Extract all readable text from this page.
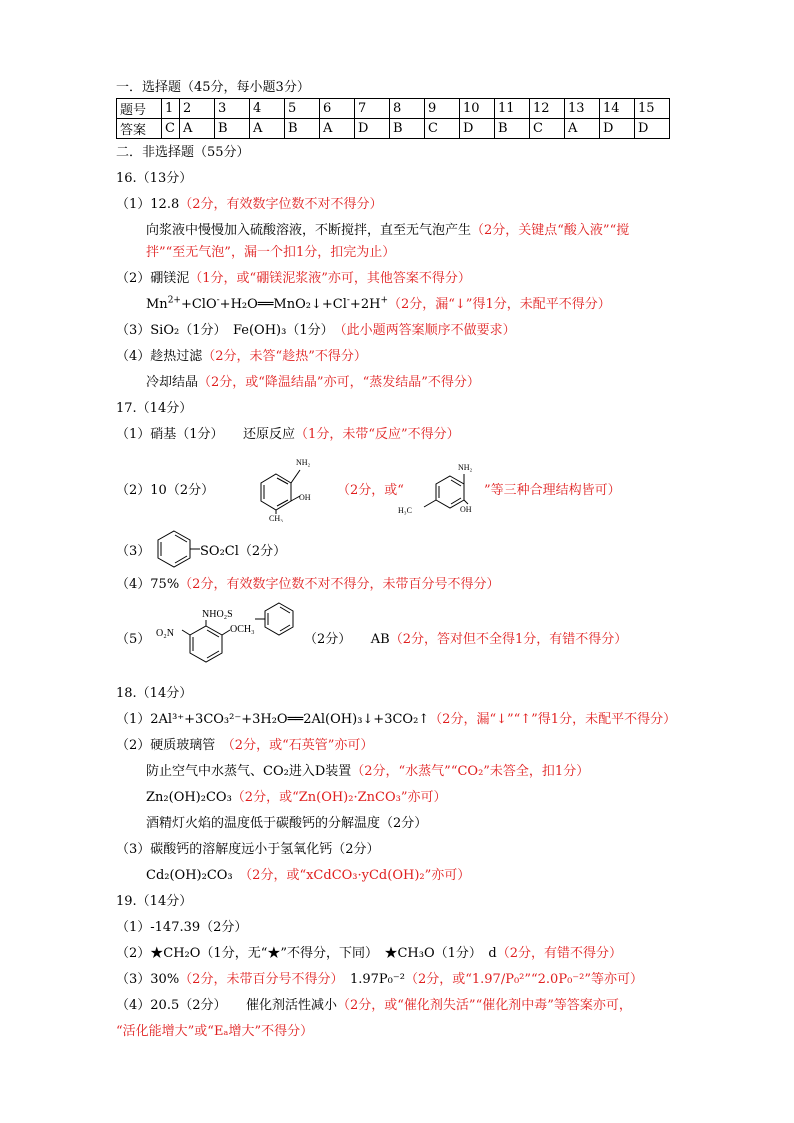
一．选择题（45分，每小题3分）
题号	1	2	3	4	5	6	7	8	9	10	11	12	13	14	15
答案	C	A	B	A	B	A	D	B	C	D	B	C	A	D	D
二．非选择题（55分）
16.（13分）
（1）12.8（2分，有效数字位数不对不得分）
向浆液中慢慢加入硫酸溶液，不断搅拌，直至无气泡产生（2分，关键点“酸入液”“搅
拌”“至无气泡”，漏一个扣1分，扣完为止）
（2）硼镁泥（1分，或“硼镁泥浆液”亦可，其他答案不得分）
$Mn^{2+}+ClO^-+H_2O══MnO_2↓+Cl^-+2H^+(2$分，漏“↓”得1分，未配平不得分）
（3）SiO₂（1分）　Fe(OH)₃（1分）　 （此小题两答案顺序不做要求）
（4）趁热过滤（2分，未答“趁热”不得分）
冷却结晶（2分，或“降温结晶”亦可，“蒸发结晶”不得分）
17.（14分）
（1）硝基（1分）　　还原反应（1分，未带“反应”不得分）
（2）10（2分）
NH₂
OH
CH₃
（2分，或“
NH₂
OH
H₃C
”等三种合理结构皆可）
（3）	SO₂Cl（2分）
（4）75%（2分，有效数字位数不对不得分，未带百分号不得分）
（5）
NHO₂S
O₂N	OCH₃
（2分）　　AB（2分，答对但不全得1分，有错不得分）
18.（14分）
（1）2Al³⁺+3CO₃²⁻+3H₂O══2Al(OH)₃↓+3CO₂↑（2分，漏“↓”“↑”得1分，未配平不得分）
（2）硬质玻璃管　 （2分，或“石英管”亦可）
防止空气中水蒸气、CO₂进入D装置（2分，“水蒸气”“CO₂”未答全，扣1分）
Zn₂(OH)₂CO₃（2分，或“Zn(OH)₂·ZnCO₃”亦可）
酒精灯火焰的温度低于碳酸钙的分解温度（2分）
（3）碳酸钙的溶解度远小于氢氧化钙（2分）
Cd₂(OH)₂CO₃　 （2分，或“xCdCO₃·yCd(OH)₂”亦可）
19.（14分）
（1）-147.39（2分）
（2）★CH₂O（1分，无“★”不得分，下同）　★CH₃O（1分）　d（2分，有错不得分）
（3）30%（2分，未带百分号不得分）　 1.97P₀⁻²（2分，或“1.97/P₀²”“2.0P₀⁻²”等亦可）
（4）20.5（2分）　　催化剂活性减小（2分，或“催化剂失活”“催化剂中毒”等答案亦可，
“活化能增大”或“Eₐ增大”不得分）
